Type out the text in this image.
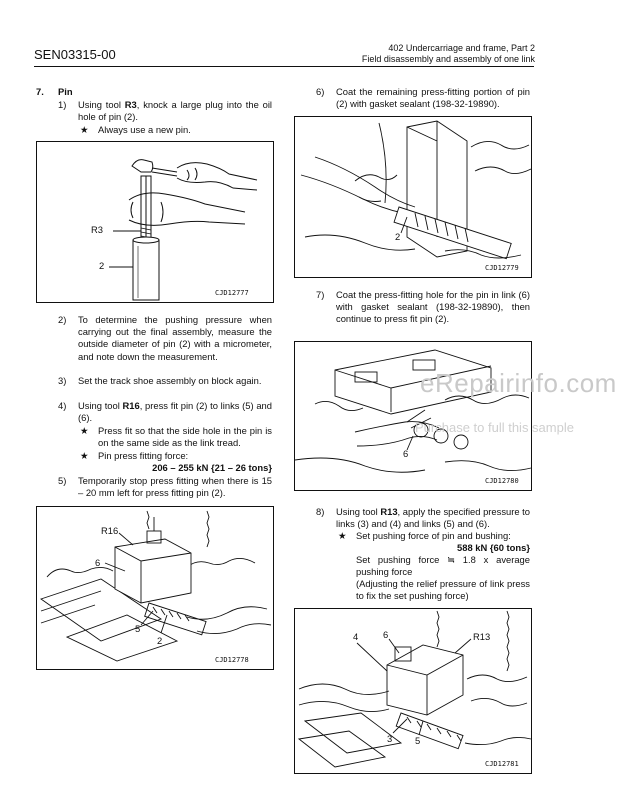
SEN03315-00	402 Undercarriage and frame, Part 2
Field disassembly and assembly of one link
7. Pin
1) Using tool R3, knock a large plug into the oil hole of pin (2).
★ Always use a new pin.
R3
2
CJD12777
2) To determine the pushing pressure when carrying out the final assembly, measure the outside diameter of pin (2) with a micrometer, and note down the measurement.
3) Set the track shoe assembly on block again.
4) Using tool R16, press fit pin (2) to links (5) and (6).
★ Press fit so that the side hole in the pin is on the same side as the link tread.
★ Pin press fitting force:
206 – 255 kN {21 – 26 tons}
5) Temporarily stop press fitting when there is 15 – 20 mm left for press fitting pin (2).
R16
6
5
2
CJD12778
6) Coat the remaining press-fitting portion of pin (2) with gasket sealant (198-32-19890).
2
CJD12779
7) Coat the press-fitting hole for the pin in link (6) with gasket sealant (198-32-19890), then continue to press fit pin (2).
6
CJD12780
8) Using tool R13, apply the specified pressure to links (3) and (4) and links (5) and (6).
★ Set pushing force of pin and bushing:
588 kN {60 tons}
Set pushing force ≒ 1.8 x average pushing force
(Adjusting the relief pressure of link press to fix the set pushing force)
4	6	R13
3 5
CJD12781
eRepairinfo.com
Purchase to full this sample
